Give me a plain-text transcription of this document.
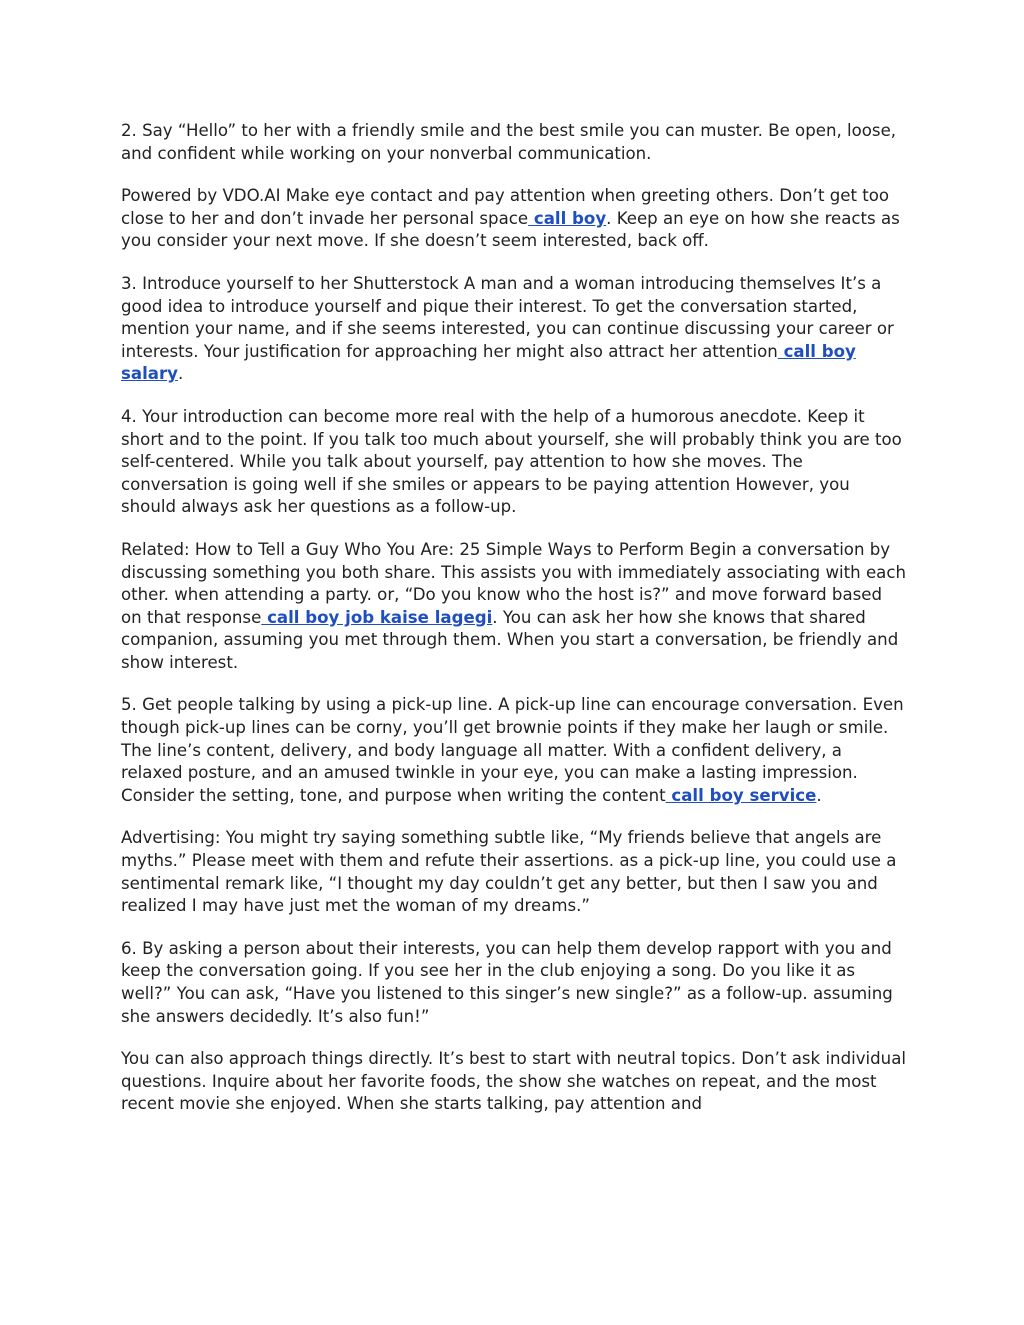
2. Say “Hello” to her with a friendly smile and the best smile you can muster. Be open, loose, and confident while working on your nonverbal communication.

Powered by VDO.AI Make eye contact and pay attention when greeting others. Don’t get too close to her and don’t invade her personal space call boy. Keep an eye on how she reacts as you consider your next move. If she doesn’t seem interested, back off.

3. Introduce yourself to her Shutterstock A man and a woman introducing themselves It’s a good idea to introduce yourself and pique their interest. To get the conversation started, mention your name, and if she seems interested, you can continue discussing your career or interests. Your justification for approaching her might also attract her attention call boy salary.

4. Your introduction can become more real with the help of a humorous anecdote. Keep it short and to the point. If you talk too much about yourself, she will probably think you are too self-centered. While you talk about yourself, pay attention to how she moves. The conversation is going well if she smiles or appears to be paying attention However, you should always ask her questions as a follow-up.

Related: How to Tell a Guy Who You Are: 25 Simple Ways to Perform Begin a conversation by discussing something you both share. This assists you with immediately associating with each other. when attending a party. or, “Do you know who the host is?” and move forward based on that response call boy job kaise lagegi. You can ask her how she knows that shared companion, assuming you met through them. When you start a conversation, be friendly and show interest.

5. Get people talking by using a pick-up line. A pick-up line can encourage conversation. Even though pick-up lines can be corny, you’ll get brownie points if they make her laugh or smile. The line’s content, delivery, and body language all matter. With a confident delivery, a relaxed posture, and an amused twinkle in your eye, you can make a lasting impression. Consider the setting, tone, and purpose when writing the content call boy service.

Advertising: You might try saying something subtle like, “My friends believe that angels are myths.” Please meet with them and refute their assertions. as a pick-up line, you could use a sentimental remark like, “I thought my day couldn’t get any better, but then I saw you and realized I may have just met the woman of my dreams.”

6. By asking a person about their interests, you can help them develop rapport with you and keep the conversation going. If you see her in the club enjoying a song. Do you like it as well?” You can ask, “Have you listened to this singer’s new single?” as a follow-up. assuming she answers decidedly. It’s also fun!”

You can also approach things directly. It’s best to start with neutral topics. Don’t ask individual questions. Inquire about her favorite foods, the show she watches on repeat, and the most recent movie she enjoyed. When she starts talking, pay attention and
